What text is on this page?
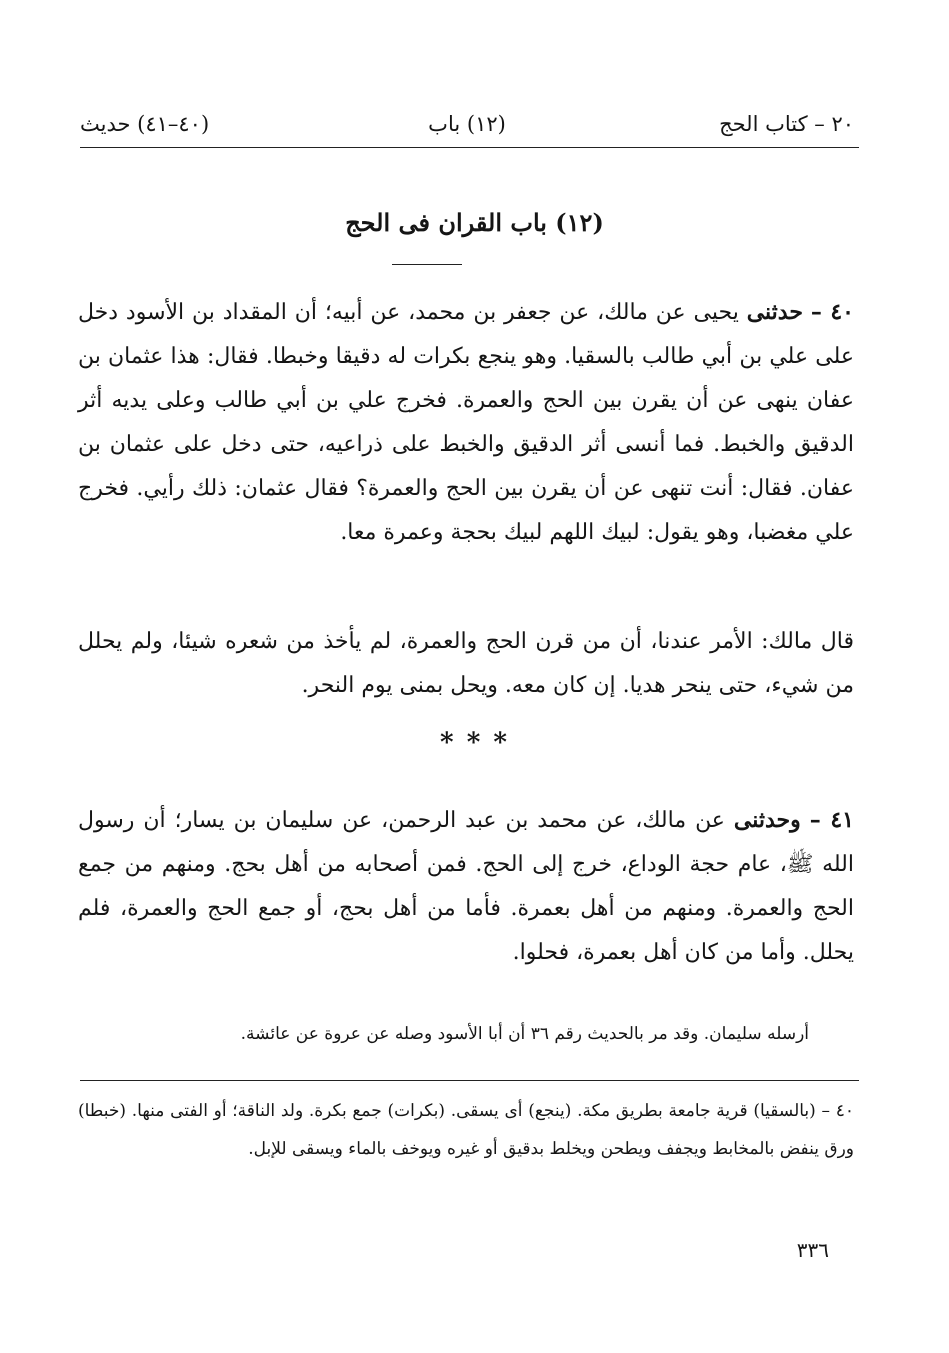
٢٠ – كتاب الحج
(١٢) باب
(٤٠–٤١) حديث
(١٢) باب القران فى الحج
٤٠ – حدثنى يحيى عن مالك، عن جعفر بن محمد، عن أبيه؛ أن المقداد بن الأسود دخل على علي بن أبي طالب بالسقيا. وهو ينجع بكرات له دقيقا وخبطا. فقال: هذا عثمان بن عفان ينهى عن أن يقرن بين الحج والعمرة. فخرج علي بن أبي طالب وعلى يديه أثر الدقيق والخبط. فما أنسى أثر الدقيق والخبط على ذراعيه، حتى دخل على عثمان بن عفان. فقال: أنت تنهى عن أن يقرن بين الحج والعمرة؟ فقال عثمان: ذلك رأيي. فخرج علي مغضبا، وهو يقول: لبيك اللهم لبيك بحجة وعمرة معا.
قال مالك: الأمر عندنا، أن من قرن الحج والعمرة، لم يأخذ من شعره شيئا، ولم يحلل من شيء، حتى ينحر هديا. إن كان معه. ويحل بمنى يوم النحر.
* * *
٤١ – وحدثنى عن مالك، عن محمد بن عبد الرحمن، عن سليمان بن يسار؛ أن رسول الله ﷺ، عام حجة الوداع، خرج إلى الحج. فمن أصحابه من أهل بحج. ومنهم من جمع الحج والعمرة. ومنهم من أهل بعمرة. فأما من أهل بحج، أو جمع الحج والعمرة، فلم يحلل. وأما من كان أهل بعمرة، فحلوا.
أرسله سليمان. وقد مر بالحديث رقم ٣٦ أن أبا الأسود وصله عن عروة عن عائشة.
٤٠ – (بالسقيا) قرية جامعة بطريق مكة. (ينجع) أى يسقى. (بكرات) جمع بكرة. ولد الناقة؛ أو الفتى منها. (خبطا) ورق ينفض بالمخابط ويجفف ويطحن ويخلط بدقيق أو غيره ويوخف بالماء ويسقى للإبل.
٣٣٦
